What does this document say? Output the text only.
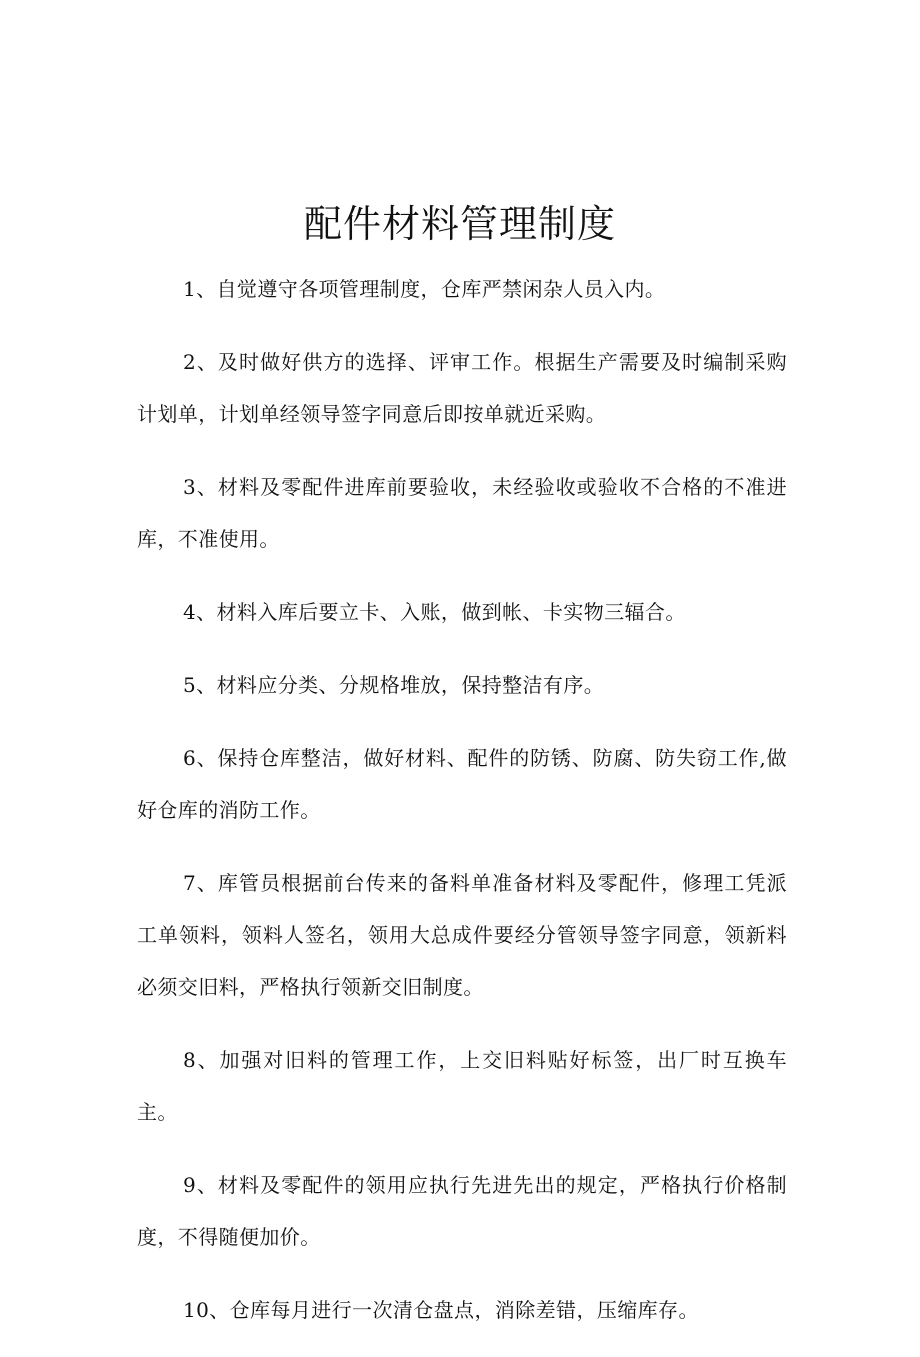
配件材料管理制度

1、自觉遵守各项管理制度，仓库严禁闲杂人员入内。

2、及时做好供方的选择、评审工作。根据生产需要及时编制采购计划单，计划单经领导签字同意后即按单就近采购。

3、材料及零配件进库前要验收，未经验收或验收不合格的不准进库，不准使用。

4、材料入库后要立卡、入账，做到帐、卡实物三辐合。

5、材料应分类、分规格堆放，保持整洁有序。

6、保持仓库整洁，做好材料、配件的防锈、防腐、防失窃工作,做好仓库的消防工作。

7、库管员根据前台传来的备料单准备材料及零配件，修理工凭派工单领料，领料人签名，领用大总成件要经分管领导签字同意，领新料必须交旧料，严格执行领新交旧制度。

8、加强对旧料的管理工作，上交旧料贴好标签，出厂时互换车主。

9、材料及零配件的领用应执行先进先出的规定，严格执行价格制度，不得随便加价。

10、仓库每月进行一次清仓盘点，消除差错，压缩库存。
